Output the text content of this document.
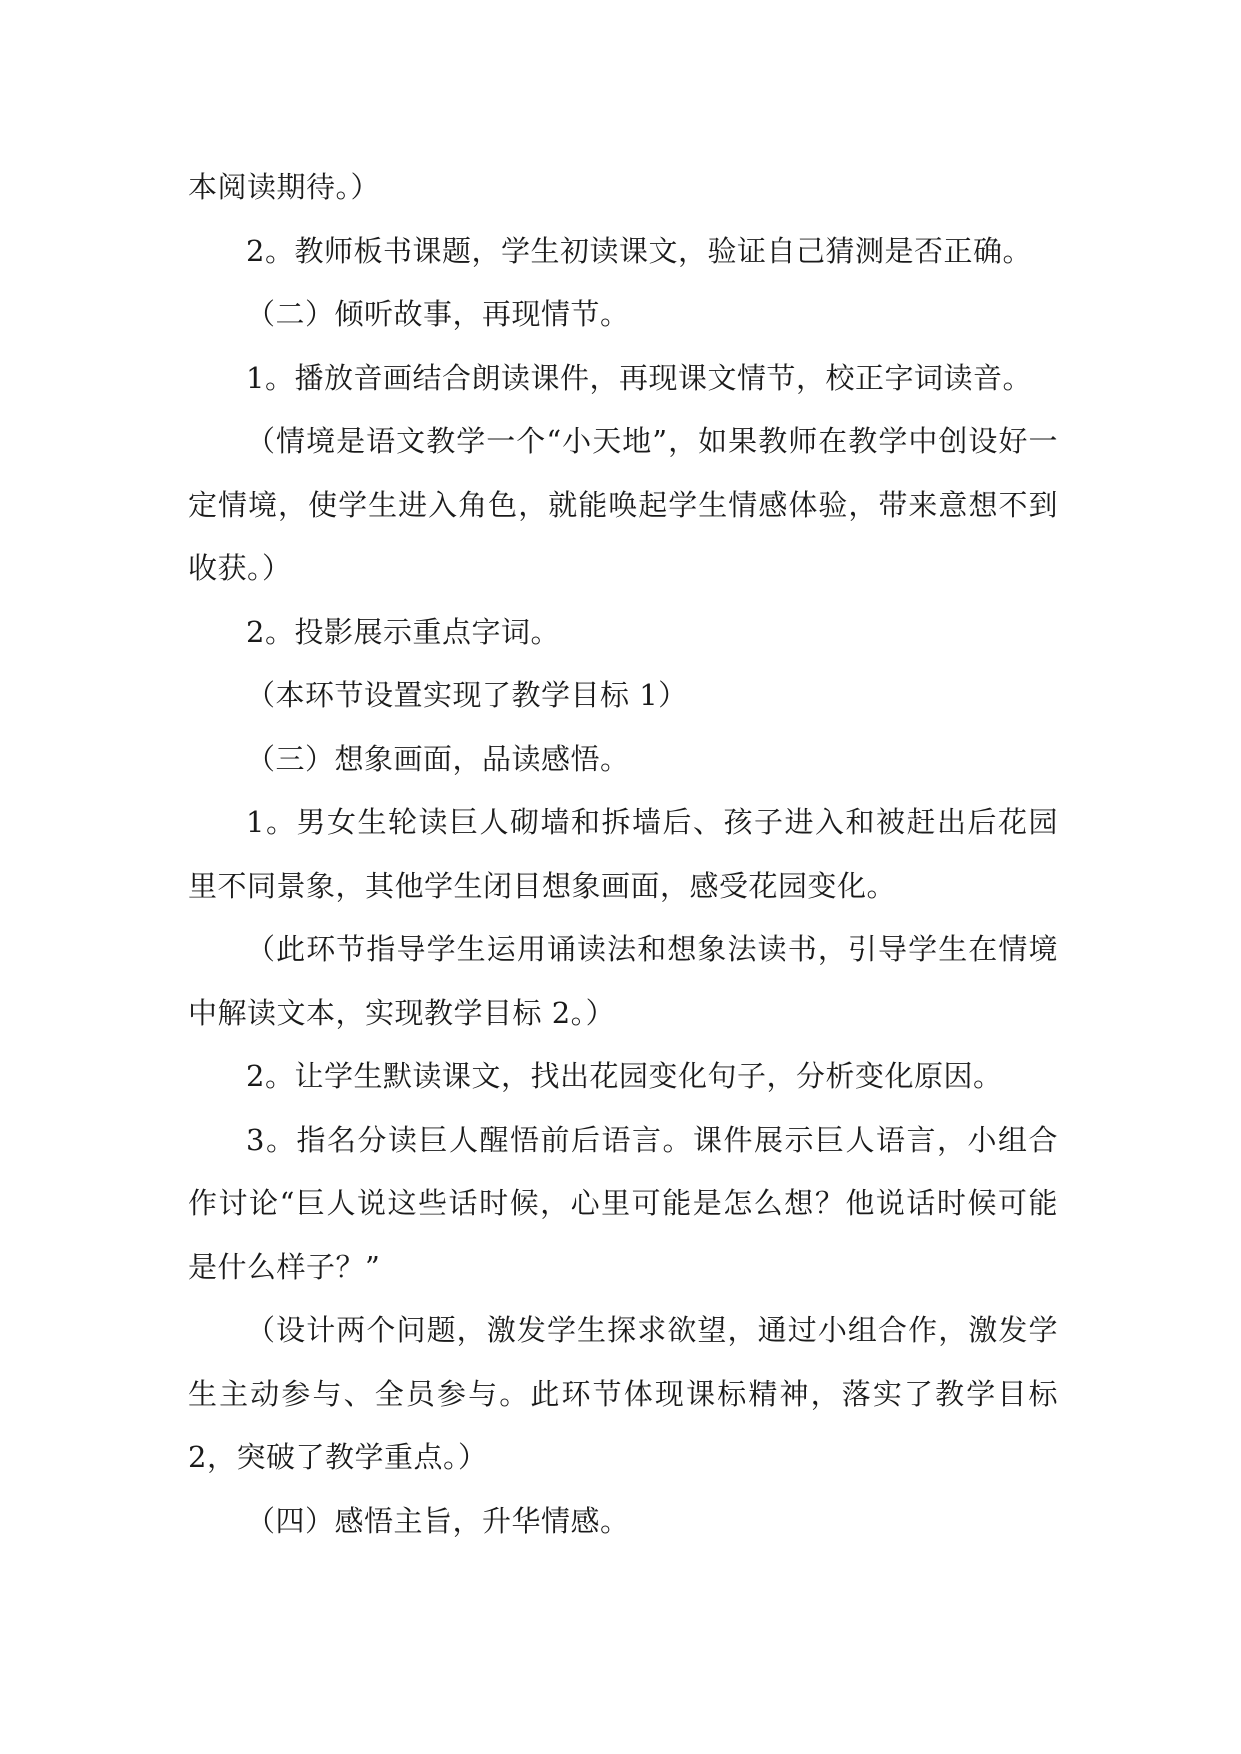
本阅读期待。）

2。教师板书课题，学生初读课文，验证自己猜测是否正确。

（二）倾听故事，再现情节。

1。播放音画结合朗读课件，再现课文情节，校正字词读音。

（情境是语文教学一个“小天地”，如果教师在教学中创设好一定情境，使学生进入角色，就能唤起学生情感体验，带来意想不到收获。）

2。投影展示重点字词。

（本环节设置实现了教学目标 1）

（三）想象画面，品读感悟。

1。男女生轮读巨人砌墙和拆墙后、孩子进入和被赶出后花园里不同景象，其他学生闭目想象画面，感受花园变化。

（此环节指导学生运用诵读法和想象法读书，引导学生在情境中解读文本，实现教学目标 2。）

2。让学生默读课文，找出花园变化句子，分析变化原因。

3。指名分读巨人醒悟前后语言。课件展示巨人语言，小组合作讨论“巨人说这些话时候，心里可能是怎么想？他说话时候可能是什么样子？”

（设计两个问题，激发学生探求欲望，通过小组合作，激发学生主动参与、全员参与。此环节体现课标精神，落实了教学目标 2，突破了教学重点。）

（四）感悟主旨，升华情感。
